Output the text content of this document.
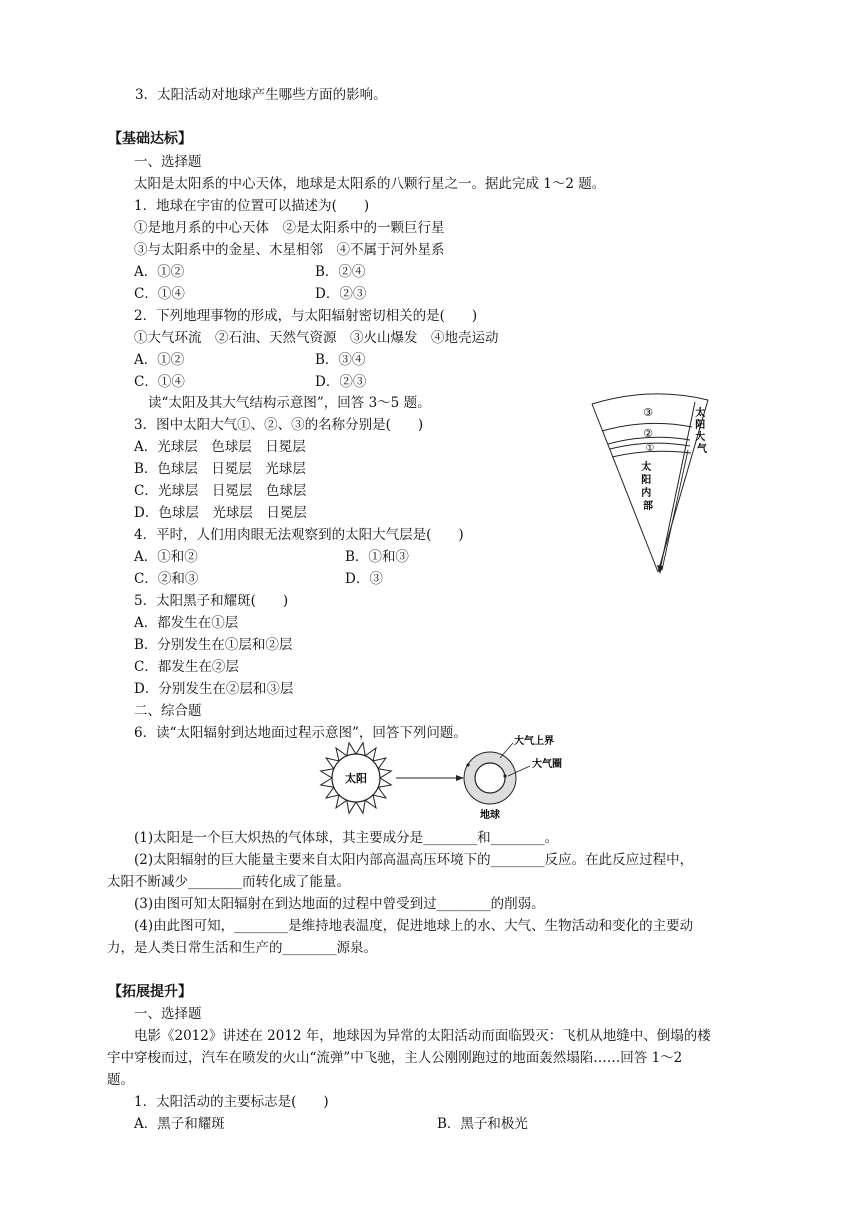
3．太阳活动对地球产生哪些方面的影响。
【基础达标】
一、选择题
太阳是太阳系的中心天体，地球是太阳系的八颗行星之一。据此完成 1～2 题。
1．地球在宇宙的位置可以描述为(　　)
①是地月系的中心天体　②是太阳系中的一颗巨行星
③与太阳系中的金星、木星相邻　④不属于河外星系
A．①②	B．②④
C．①④	D．②③
2．下列地理事物的形成，与太阳辐射密切相关的是(　　)
①大气环流　②石油、天然气资源　③火山爆发　④地壳运动
A．①②	B．③④
C．①④	D．②③
读“太阳及其大气结构示意图”，回答 3～5 题。
3．图中太阳大气①、②、③的名称分别是(　　)
A．光球层　色球层　日冕层
B．色球层　日冕层　光球层
C．光球层　日冕层　色球层
D．色球层　光球层　日冕层
4．平时，人们用肉眼无法观察到的太阳大气层是(　　)
A．①和②	B．①和③
C．②和③	D．③
5．太阳黑子和耀斑(　　)
A．都发生在①层
B．分别发生在①层和②层
C．都发生在②层
D．分别发生在②层和③层
二、综合题
6．读“太阳辐射到达地面过程示意图”，回答下列问题。
③
②
①
太 阳 大 气
太 阳 内 部
太阳
大气上界
大气圈
地球
(1)太阳是一个巨大炽热的气体球，其主要成分是________和________。
(2)太阳辐射的巨大能量主要来自太阳内部高温高压环境下的________反应。在此反应过程中，
太阳不断减少________而转化成了能量。
(3)由图可知太阳辐射在到达地面的过程中曾受到过________的削弱。
(4)由此图可知，________是维持地表温度，促进地球上的水、大气、生物活动和变化的主要动
力，是人类日常生活和生产的________源泉。
【拓展提升】
一、选择题
电影《2012》讲述在 2012 年，地球因为异常的太阳活动而面临毁灭：飞机从地缝中、倒塌的楼
宇中穿梭而过，汽车在喷发的火山“流弹”中飞驰，主人公刚刚跑过的地面轰然塌陷……回答 1～2
题。
1．太阳活动的主要标志是(　　)
A．黑子和耀斑	B．黑子和极光
